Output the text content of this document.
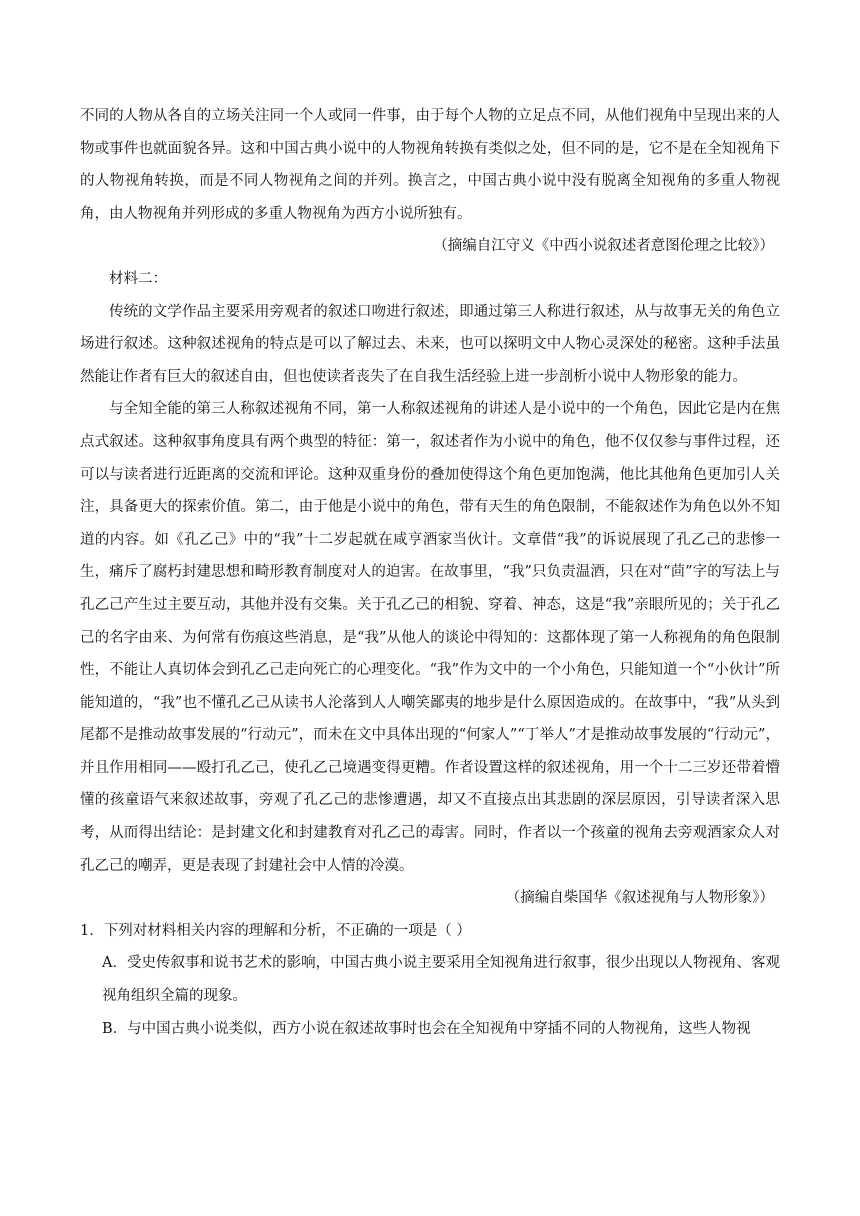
不同的人物从各自的立场关注同一个人或同一件事，由于每个人物的立足点不同，从他们视角中呈现出来的人物或事件也就面貌各异。这和中国古典小说中的人物视角转换有类似之处，但不同的是，它不是在全知视角下的人物视角转换，而是不同人物视角之间的并列。换言之，中国古典小说中没有脱离全知视角的多重人物视角，由人物视角并列形成的多重人物视角为西方小说所独有。

（摘编自江守义《中西小说叙述者意图伦理之比较》）

材料二：

传统的文学作品主要采用旁观者的叙述口吻进行叙述，即通过第三人称进行叙述，从与故事无关的角色立场进行叙述。这种叙述视角的特点是可以了解过去、未来，也可以探明文中人物心灵深处的秘密。这种手法虽然能让作者有巨大的叙述自由，但也使读者丧失了在自我生活经验上进一步剖析小说中人物形象的能力。

与全知全能的第三人称叙述视角不同，第一人称叙述视角的讲述人是小说中的一个角色，因此它是内在焦点式叙述。这种叙事角度具有两个典型的特征：第一，叙述者作为小说中的角色，他不仅仅参与事件过程，还可以与读者进行近距离的交流和评论。这种双重身份的叠加使得这个角色更加饱满，他比其他角色更加引人关注，具备更大的探索价值。第二，由于他是小说中的角色，带有天生的角色限制，不能叙述作为角色以外不知道的内容。如《孔乙己》中的“我”十二岁起就在咸亨酒家当伙计。文章借“我”的诉说展现了孔乙己的悲惨一生，痛斥了腐朽封建思想和畸形教育制度对人的迫害。在故事里，“我”只负责温酒，只在对“茴”字的写法上与孔乙己产生过主要互动，其他并没有交集。关于孔乙己的相貌、穿着、神态，这是“我”亲眼所见的；关于孔乙己的名字由来、为何常有伤痕这些消息，是“我”从他人的谈论中得知的：这都体现了第一人称视角的角色限制性，不能让人真切体会到孔乙己走向死亡的心理变化。“我”作为文中的一个小角色，只能知道一个“小伙计”所能知道的，“我”也不懂孔乙己从读书人沦落到人人嘲笑鄙夷的地步是什么原因造成的。在故事中，“我”从头到尾都不是推动故事发展的“行动元”，而未在文中具体出现的“何家人”“丁举人”才是推动故事发展的“行动元”，并且作用相同——殴打孔乙己，使孔乙己境遇变得更糟。作者设置这样的叙述视角，用一个十二三岁还带着懵懂的孩童语气来叙述故事，旁观了孔乙己的悲惨遭遇，却又不直接点出其悲剧的深层原因，引导读者深入思考，从而得出结论：是封建文化和封建教育对孔乙己的毒害。同时，作者以一个孩童的视角去旁观酒家众人对孔乙己的嘲弄，更是表现了封建社会中人情的冷漠。

（摘编自柴国华《叙述视角与人物形象》）

1．下列对材料相关内容的理解和分析，不正确的一项是（ ）

A．受史传叙事和说书艺术的影响，中国古典小说主要采用全知视角进行叙事，很少出现以人物视角、客观视角组织全篇的现象。

B．与中国古典小说类似，西方小说在叙述故事时也会在全知视角中穿插不同的人物视角，这些人物视
